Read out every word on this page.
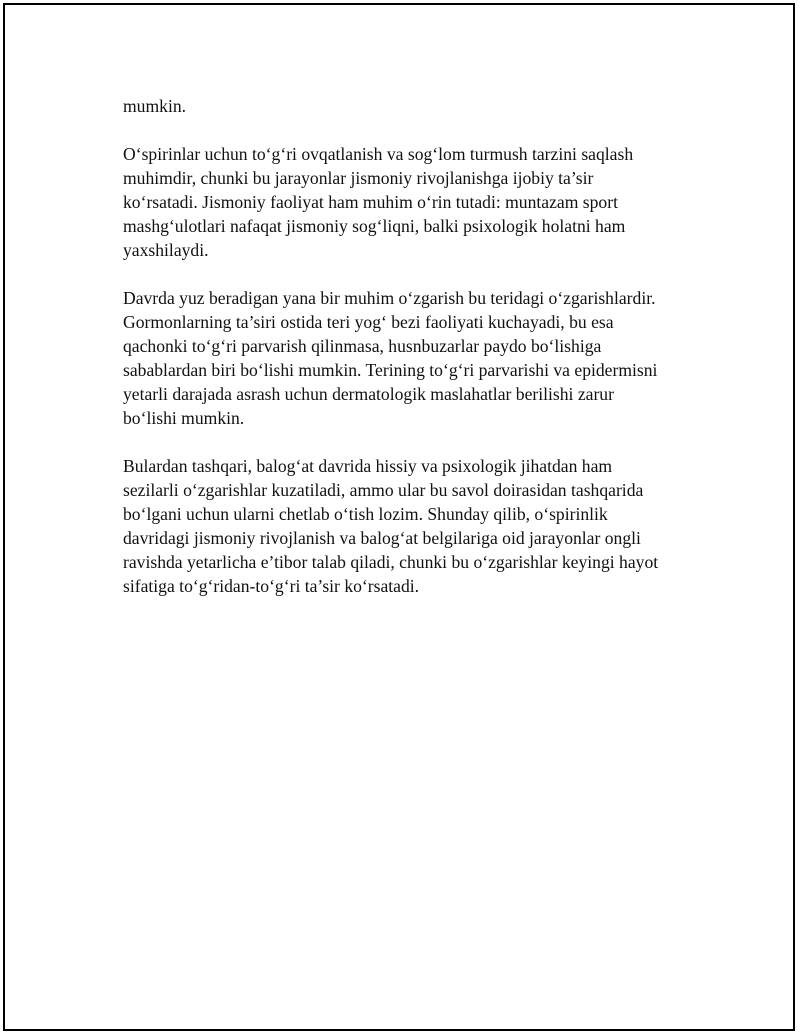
mumkin.

O‘spirinlar uchun to‘g‘ri ovqatlanish va sog‘lom turmush tarzini saqlash
muhimdir, chunki bu jarayonlar jismoniy rivojlanishga ijobiy ta’sir
ko‘rsatadi. Jismoniy faoliyat ham muhim o‘rin tutadi: muntazam sport
mashg‘ulotlari nafaqat jismoniy sog‘liqni, balki psixologik holatni ham
yaxshilaydi.

Davrda yuz beradigan yana bir muhim o‘zgarish bu teridagi o‘zgarishlardir.
Gormonlarning ta’siri ostida teri yog‘ bezi faoliyati kuchayadi, bu esa
qachonki to‘g‘ri parvarish qilinmasa, husnbuzarlar paydo bo‘lishiga
sabablardan biri bo‘lishi mumkin. Terining to‘g‘ri parvarishi va epidermisni
yetarli darajada asrash uchun dermatologik maslahatlar berilishi zarur
bo‘lishi mumkin.

Bulardan tashqari, balog‘at davrida hissiy va psixologik jihatdan ham
sezilarli o‘zgarishlar kuzatiladi, ammo ular bu savol doirasidan tashqarida
bo‘lgani uchun ularni chetlab o‘tish lozim. Shunday qilib, o‘spirinlik
davridagi jismoniy rivojlanish va balog‘at belgilariga oid jarayonlar ongli
ravishda yetarlicha e’tibor talab qiladi, chunki bu o‘zgarishlar keyingi hayot
sifatiga to‘g‘ridan-to‘g‘ri ta’sir ko‘rsatadi.
